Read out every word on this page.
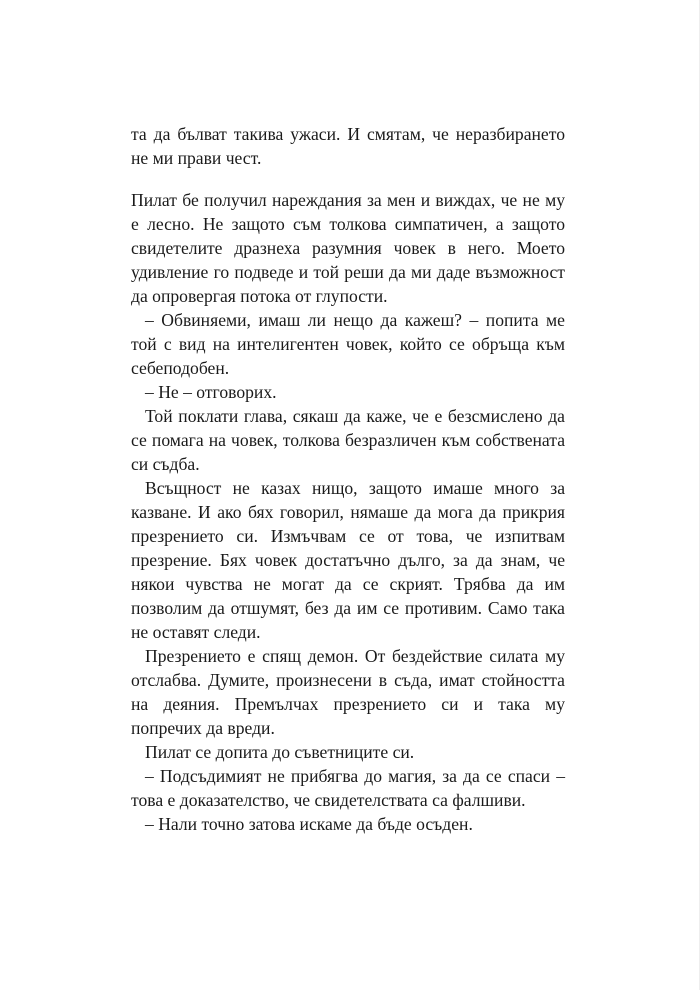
та да бълват такива ужаси. И смятам, че неразбирането не ми прави чест.

Пилат бе получил нареждания за мен и виждах, че не му е лесно. Не защото съм толкова симпатичен, а защото свидетелите дразнеха разумния човек в него. Моето удивление го подведе и той реши да ми даде възможност да опровергая потока от глупости.

– Обвиняеми, имаш ли нещо да кажеш? – попита ме той с вид на интелигентен човек, който се обръща към себеподобен.

– Не – отговорих.

Той поклати глава, сякаш да каже, че е безсмислено да се помага на човек, толкова безразличен към собствената си съдба.

Всъщност не казах нищо, защото имаше много за казване. И ако бях говорил, нямаше да мога да прикрия презрението си. Измъчвам се от това, че изпитвам презрение. Бях човек достатъчно дълго, за да знам, че някои чувства не могат да се скрият. Трябва да им позволим да отшумят, без да им се противим. Само така не оставят следи.

Презрението е спящ демон. От бездействие силата му отслабва. Думите, произнесени в съда, имат стойността на деяния. Премълчах презрението си и така му попречих да вреди.

Пилат се допита до съветниците си.

– Подсъдимият не прибягва до магия, за да се спаси – това е доказателство, че свидетелствата са фалшиви.

– Нали точно затова искаме да бъде осъден.
